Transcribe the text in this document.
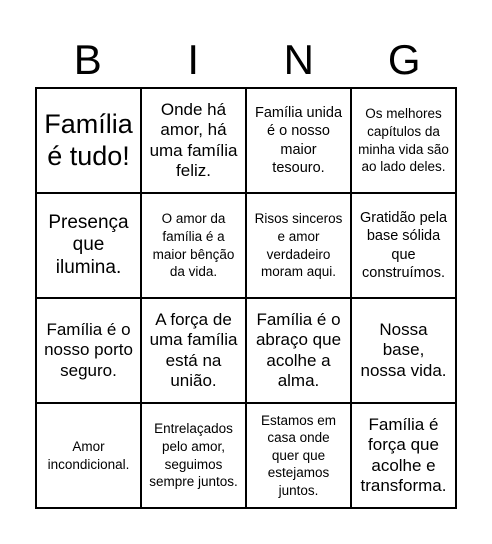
B	I	N	G
Família é tudo!
Onde há amor, há uma família feliz.
Família unida é o nosso maior tesouro.
Os melhores capítulos da minha vida são ao lado deles.
Presença que ilumina.
O amor da família é a maior bênção da vida.
Risos sinceros e amor verdadeiro moram aqui.
Gratidão pela base sólida que construímos.
Família é o nosso porto seguro.
A força de uma família está na união.
Família é o abraço que acolhe a alma.
Nossa base, nossa vida.
Amor incondicional.
Entrelaçados pelo amor, seguimos sempre juntos.
Estamos em casa onde quer que estejamos juntos.
Família é força que acolhe e transforma.
